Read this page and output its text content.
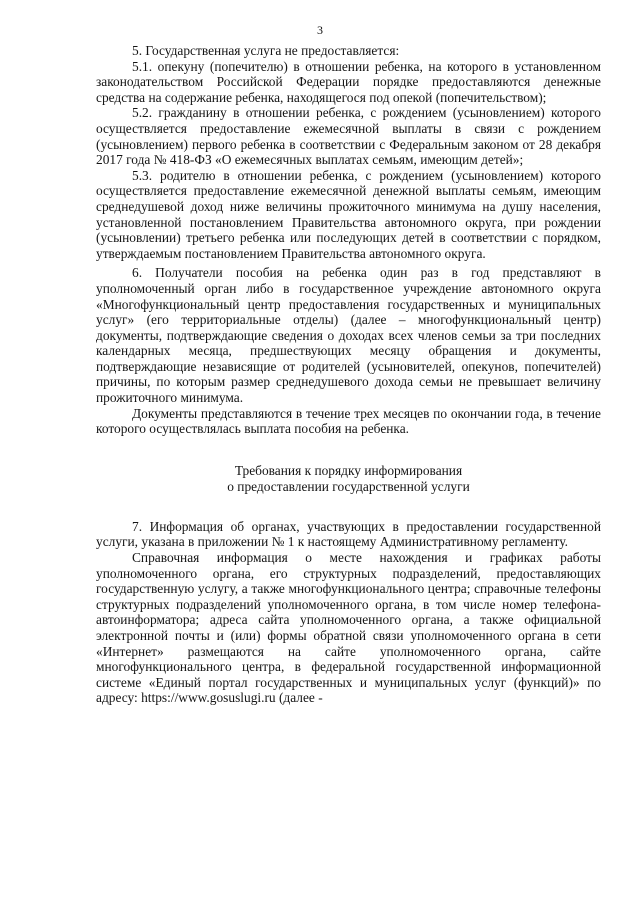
3

5. Государственная услуга не предоставляется:

5.1. опекуну (попечителю) в отношении ребенка, на которого в установленном законодательством Российской Федерации порядке предоставляются денежные средства на содержание ребенка, находящегося под опекой (попечительством);

5.2. гражданину в отношении ребенка, с рождением (усыновлением) которого осуществляется предоставление ежемесячной выплаты в связи с рождением (усыновлением) первого ребенка в соответствии с Федеральным законом от 28 декабря 2017 года № 418-ФЗ «О ежемесячных выплатах семьям, имеющим детей»;

5.3. родителю в отношении ребенка, с рождением (усыновлением) которого осуществляется предоставление ежемесячной денежной выплаты семьям, имеющим среднедушевой доход ниже величины прожиточного минимума на душу населения, установленной постановлением Правительства автономного округа, при рождении (усыновлении) третьего ребенка или последующих детей в соответствии с порядком, утверждаемым постановлением Правительства автономного округа.

6. Получатели пособия на ребенка один раз в год представляют в уполномоченный орган либо в государственное учреждение автономного округа «Многофункциональный центр предоставления государственных и муниципальных услуг» (его территориальные отделы) (далее – многофункциональный центр) документы, подтверждающие сведения о доходах всех членов семьи за три последних календарных месяца, предшествующих месяцу обращения и документы, подтверждающие независящие от родителей (усыновителей, опекунов, попечителей) причины, по которым размер среднедушевого дохода семьи не превышает величину прожиточного минимума.

Документы представляются в течение трех месяцев по окончании года, в течение которого осуществлялась выплата пособия на ребенка.

Требования к порядку информирования
о предоставлении государственной услуги

7. Информация об органах, участвующих в предоставлении государственной услуги, указана в приложении № 1 к настоящему Административному регламенту.

Справочная информация о месте нахождения и графиках работы уполномоченного органа, его структурных подразделений, предоставляющих государственную услугу, а также многофункционального центра; справочные телефоны структурных подразделений уполномоченного органа, в том числе номер телефона-автоинформатора; адреса сайта уполномоченного органа, а также официальной электронной почты и (или) формы обратной связи уполномоченного органа в сети «Интернет» размещаются на сайте уполномоченного органа, сайте многофункционального центра, в федеральной государственной информационной системе «Единый портал государственных и муниципальных услуг (функций)» по адресу: https://www.gosuslugi.ru (далее -
